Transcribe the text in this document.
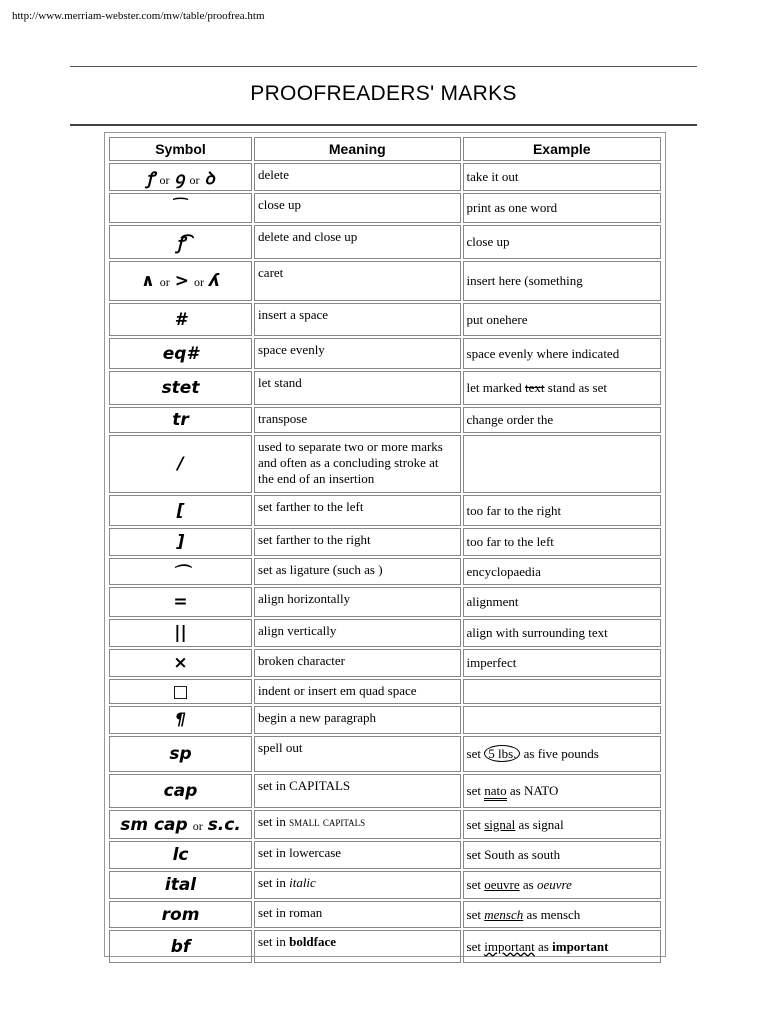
http://www.merriam-webster.com/mw/table/proofrea.htm
PROOFREADERS' MARKS
Symbol	Meaning	Example
ꝭ or ꝯ or ꝺ	delete	take it out
⁀	close up	print as one word
ꝭ͡	delete and close up	close up
∧ or > or ʎ	caret	insert here (something
#	insert a space	put onehere
eq#	space evenly	space evenly where indicated
stet	let stand	let marked text stand as set
tr	transpose	change order the
/	used to separate two or more marks and often as a concluding stroke at the end of an insertion	
[	set farther to the left	too far to the right
]	set farther to the right	too far to the left
⌒	set as ligature (such as )	encyclopaedia
=	align horizontally	alignment
||	align vertically	align with surrounding text
×	broken character	imperfect
□	indent or insert em quad space	
¶	begin a new paragraph	
sp	spell out	set 5 lbs. as five pounds
cap	set in CAPITALS	set nato as NATO
sm cap or s.c.	set in small capitals	set signal as signal
lc	set in lowercase	set South as south
ital	set in italic	set oeuvre as oeuvre
rom	set in roman	set mensch as mensch
bf	set in boldface	set important as important
